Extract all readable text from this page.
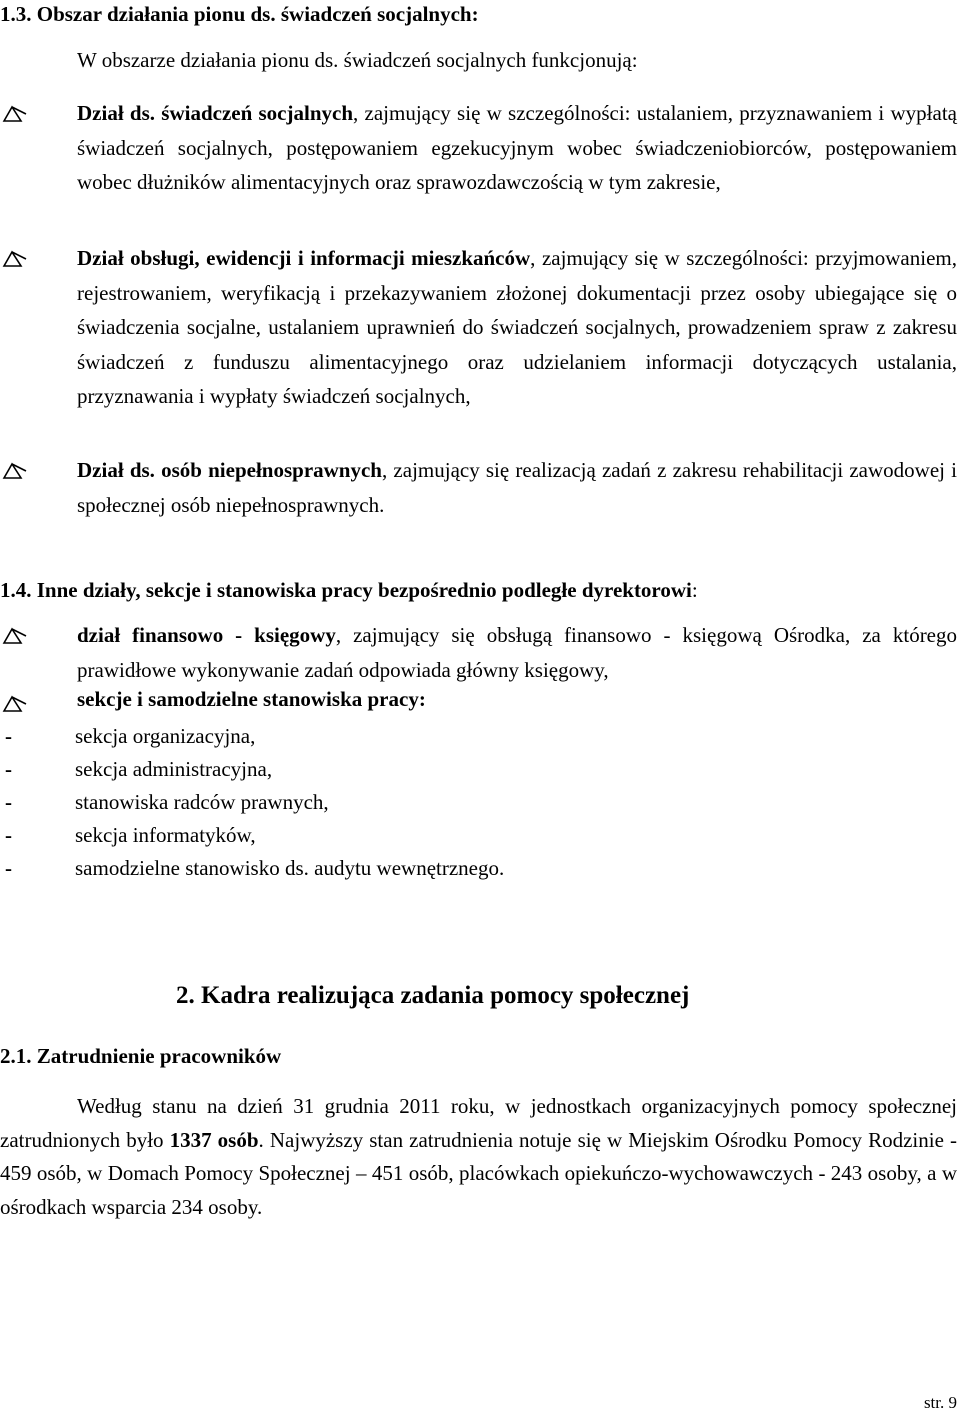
1.3. Obszar działania pionu ds. świadczeń socjalnych:
W obszarze działania pionu ds. świadczeń socjalnych funkcjonują:
Dział ds. świadczeń socjalnych, zajmujący się w szczególności: ustalaniem, przyznawaniem i wypłatą świadczeń socjalnych, postępowaniem egzekucyjnym wobec świadczeniobiorców, postępowaniem wobec dłużników alimentacyjnych oraz sprawozdawczością w tym zakresie,
Dział obsługi, ewidencji i informacji mieszkańców, zajmujący się w szczególności: przyjmowaniem, rejestrowaniem, weryfikacją i przekazywaniem złożonej dokumentacji przez osoby ubiegające się o świadczenia socjalne, ustalaniem uprawnień do świadczeń socjalnych, prowadzeniem spraw z zakresu świadczeń z funduszu alimentacyjnego oraz udzielaniem informacji dotyczących ustalania, przyznawania i wypłaty świadczeń socjalnych,
Dział ds. osób niepełnosprawnych, zajmujący się realizacją zadań z zakresu rehabilitacji zawodowej i społecznej osób niepełnosprawnych.
1.4. Inne działy, sekcje i stanowiska pracy bezpośrednio podległe dyrektorowi:
dział finansowo - księgowy, zajmujący się obsługą finansowo - księgową Ośrodka, za którego prawidłowe wykonywanie zadań odpowiada główny księgowy,
sekcje i samodzielne stanowiska pracy:
-	sekcja organizacyjna,
-	sekcja administracyjna,
-	stanowiska radców prawnych,
-	sekcja informatyków,
-	samodzielne stanowisko ds. audytu wewnętrznego.
2. Kadra realizująca zadania pomocy społecznej
2.1. Zatrudnienie pracowników
Według stanu na dzień 31 grudnia 2011 roku, w jednostkach organizacyjnych pomocy społecznej zatrudnionych było 1337 osób. Najwyższy stan zatrudnienia notuje się w Miejskim Ośrodku Pomocy Rodzinie - 459 osób, w Domach Pomocy Społecznej – 451 osób, placówkach opiekuńczo-wychowawczych - 243 osoby, a w ośrodkach wsparcia 234 osoby.
str. 9
